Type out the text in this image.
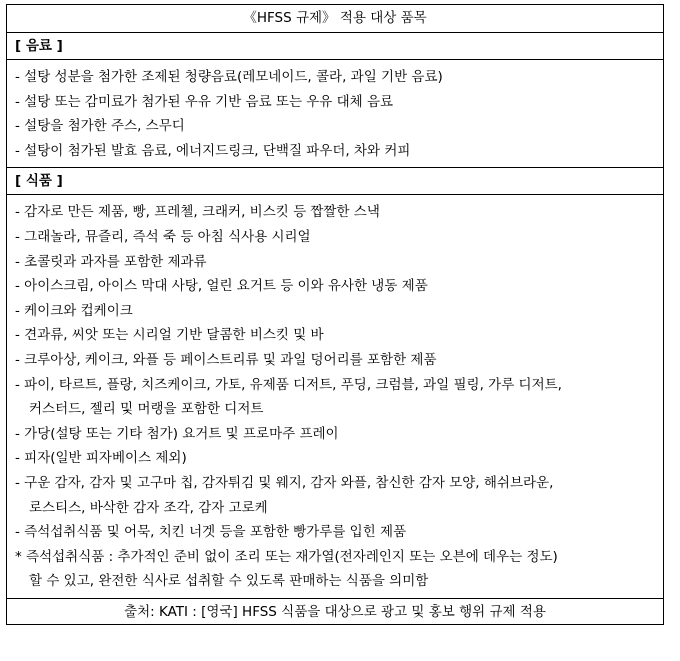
《HFSS 규제》 적용 대상 품목
[ 음료 ]
- 설탕 성분을 첨가한 조제된 청량음료(레모네이드, 콜라, 과일 기반 음료)
- 설탕 또는 감미료가 첨가된 우유 기반 음료 또는 우유 대체 음료
- 설탕을 첨가한 주스, 스무디
- 설탕이 첨가된 발효 음료, 에너지드링크, 단백질 파우더, 차와 커피
[ 식품 ]
- 감자로 만든 제품, 빵, 프레첼, 크래커, 비스킷 등 짭짤한 스낵
- 그래놀라, 뮤즐리, 즉석 죽 등 아침 식사용 시리얼
- 초콜릿과 과자를 포함한 제과류
- 아이스크림, 아이스 막대 사탕, 얼린 요거트 등 이와 유사한 냉동 제품
- 케이크와 컵케이크
- 견과류, 씨앗 또는 시리얼 기반 달콤한 비스킷 및 바
- 크루아상, 케이크, 와플 등 페이스트리류 및 과일 덩어리를 포함한 제품
- 파이, 타르트, 플랑, 치즈케이크, 가토, 유제품 디저트, 푸딩, 크럼블, 과일 필링, 가루 디저트,
커스터드, 젤리 및 머랭을 포함한 디저트
- 가당(설탕 또는 기타 첨가) 요거트 및 프로마주 프레이
- 피자(일반 피자베이스 제외)
- 구운 감자, 감자 및 고구마 칩, 감자튀김 및 웨지, 감자 와플, 참신한 감자 모양, 해쉬브라운,
로스티스, 바삭한 감자 조각, 감자 고로케
- 즉석섭취식품 및 어묵, 치킨 너겟 등을 포함한 빵가루를 입힌 제품
* 즉석섭취식품 : 추가적인 준비 없이 조리 또는 재가열(전자레인지 또는 오븐에 데우는 정도)
할 수 있고, 완전한 식사로 섭취할 수 있도록 판매하는 식품을 의미함
출처: KATI : [영국] HFSS 식품을 대상으로 광고 및 홍보 행위 규제 적용
